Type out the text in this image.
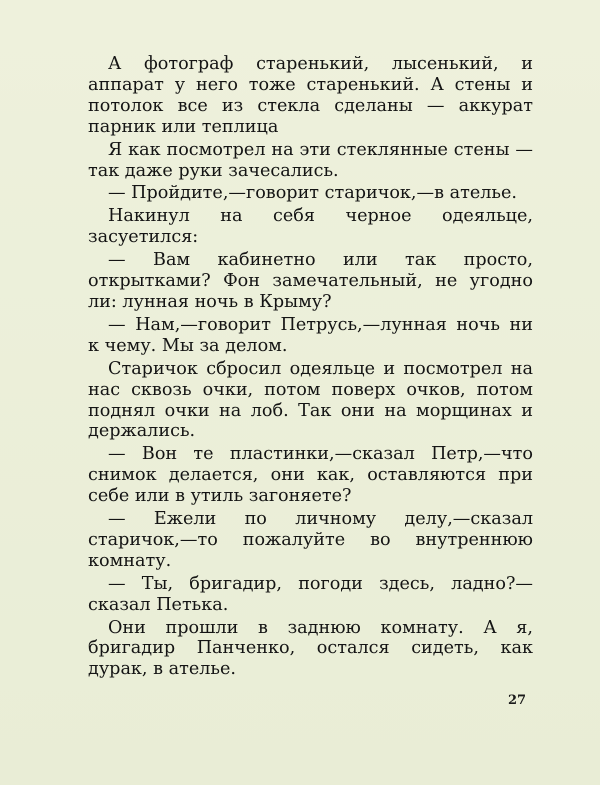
А фотограф старенький, лысенький, и аппарат у него тоже старенький. А стены и потолок все из стекла сделаны — аккурат парник или теплица

Я как посмотрел на эти стеклянные стены — так даже руки зачесались.

— Пройдите,—говорит старичок,—в ателье.

Накинул на себя черное одеяльце, засуетился:

— Вам кабинетно или так просто, открытками? Фон замечательный, не угодно ли: лунная ночь в Крыму?

— Нам,—говорит Петрусь,—лунная ночь ни к чему. Мы за делом.

Старичок сбросил одеяльце и посмотрел на нас сквозь очки, потом поверх очков, потом поднял очки на лоб. Так они на морщинах и держались.

— Вон те пластинки,—сказал Петр,—что снимок делается, они как, оставляются при себе или в утиль загоняете?

— Ежели по личному делу,—сказал старичок,—то пожалуйте во внутреннюю комнату.

— Ты, бригадир, погоди здесь, ладно?—сказал Петька.

Они прошли в заднюю комнату. А я, бригадир Панченко, остался сидеть, как дурак, в ателье.

27
